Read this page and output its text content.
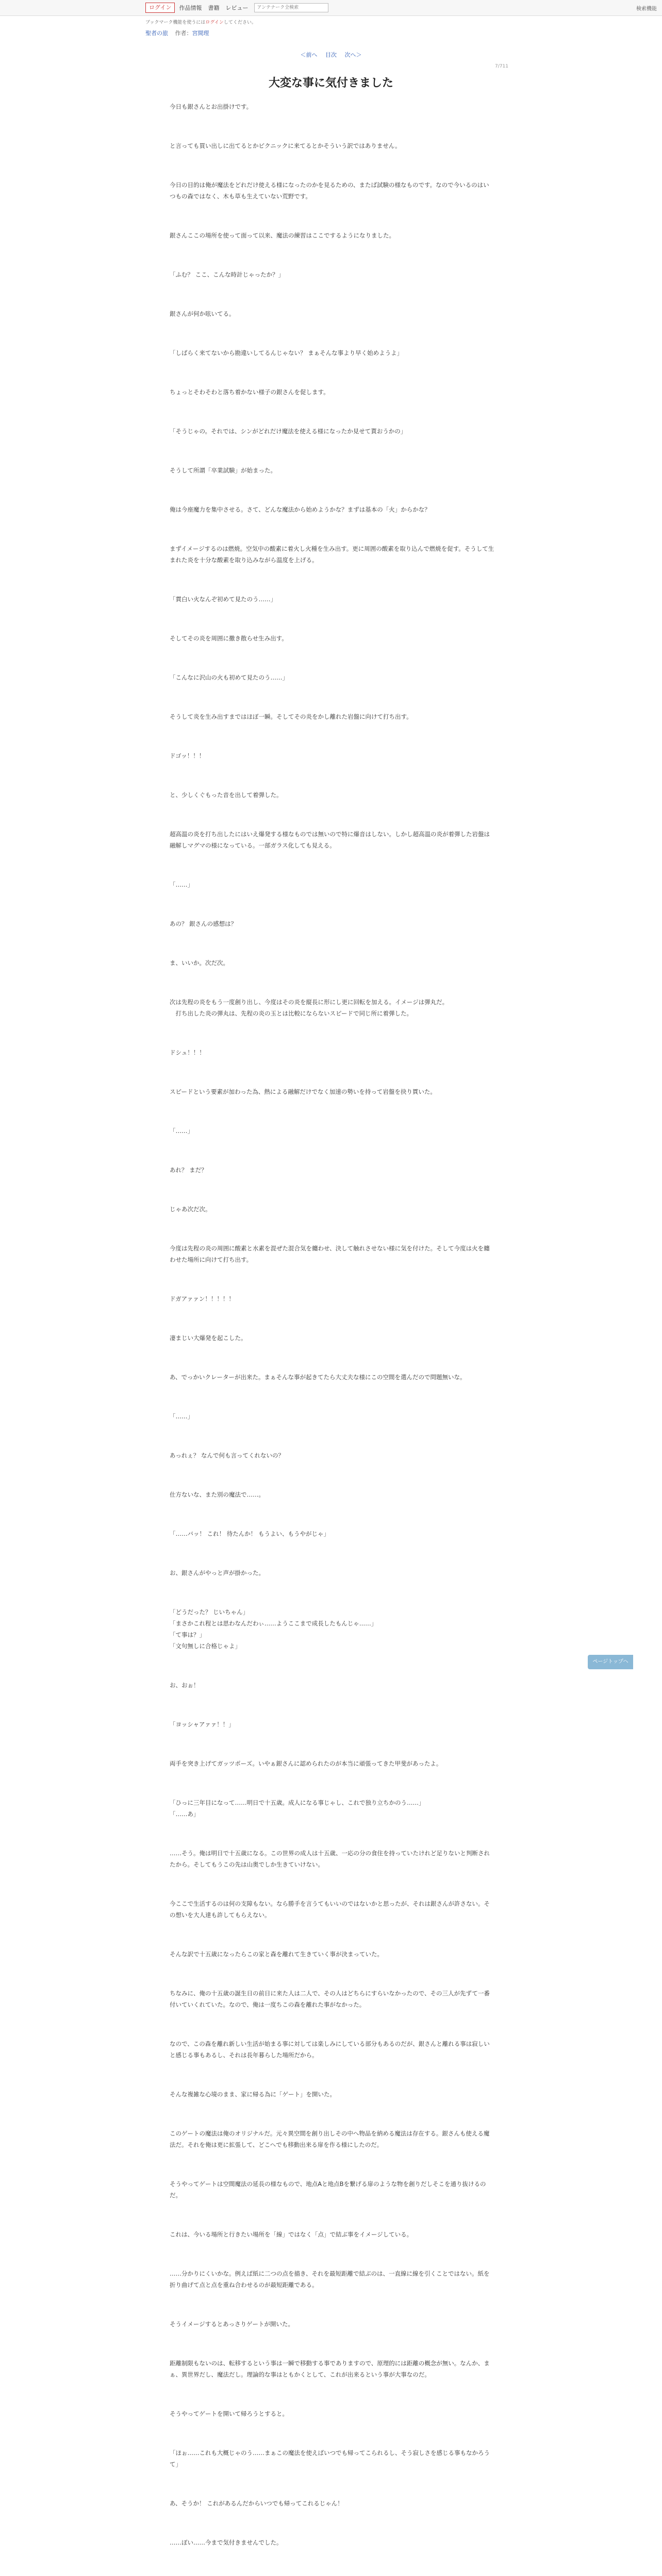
ログイン	作品情報 書籍 レビュー
アンテナーク全検索	検索機能
ブックマーク機能を使うにはログインしてください。
聖者の旅 作者：宮間理
＜前へ 目次 次へ＞
7/711
大変な事に気付きました

今日も銀さんとお出掛けです。

と言っても買い出しに出てるとかピクニックに来てるとかそういう訳ではありません。

今日の目的は俺が魔法をどれだけ使える様になったのかを見るための、またば試験の様なものです。なので今いるのはいつもの森ではなく、木も草も生えていない荒野です。

銀さんここの場所を使って面って以来、魔法の練習はここでするようになりました。

「ふむ？ ここ、こんな時計じゃったか？」

銀さんが何か呟いてる。

「しばらく来てないから勘違いしてるんじゃない？ まぁそんな事より早く始めようよ」

ちょっとそわそわと落ち着かない様子の銀さんを促します。

「そうじゃの。それでは、シンがどれだけ魔法を使える様になったか見せて貰おうかの」

そうして所謂「卒業試験」が始まった。

俺は今座魔力を集中させる。さて、どんな魔法から始めようかな？まずは基本の「火」からかな？

まずイメージするのは燃焼。空気中の酸素に着火し火種を生み出す。更に周囲の酸素を取り込んで燃焼を促す。そうして生まれた炎を十分な酸素を取り込みながら温度を上げる。

「貫白い火なんぞ初めて見たのう……」

そしてその炎を周囲に撒き散らせ生み出す。

「こんなに沢山の火も初めて見たのう……」

そうして炎を生み出すまではほぼ一瞬。そしてその炎をかし離れた岩盤に向けて打ち出す。

ドゴッ！！！

と、少しくぐもった音を出して着弾した。

超高温の炎を打ち出したにはいえ爆発する様なものでは無いので特に爆音はしない。しかし超高温の炎が着弾した岩盤は融解しマグマの様になっている。一部ガラス化しても見える。

「……」

あの？ 銀さんの感想は？

ま、いいか。次だ次。

次は先程の炎をもう一度創り出し、今度はその炎を縦長に形にし更に回転を加える。イメージは弾丸だ。
　打ち出した炎の弾丸は、先程の炎の玉とは比較にならないスピードで同じ所に着弾した。

ドシュ！！！

スピードという要素が加わった為、熱による融解だけでなく加速の勢いを持って岩盤を抉り貫いた。

「……」

あれ？ まだ？

じゃあ次だ次。

今度は先程の炎の周囲に酸素と水素を混ぜた混合気を纏わせ、決して触れさせない様に気を付けた。そして今度は火を纏わせた場所に向けて打ち出す。

ドガアァァン！！！！！

凄まじい大爆発を起こした。

あ、でっかいクレーターが出来た。まぁそんな事が起きてたら大丈夫な様にこの空間を選んだので問題無いな。

「……」

あっれぇ？ なんで何も言ってくれないの？

仕方ないな、また別の魔法で……。

「……バッ！ これ！ 待たんか！ もうよい、もうやがじゃ」

お、銀さんがやっと声が掛かった。

「どうだった？ じいちゃん」
「まさかこれ程とは思わなんだわぃ……ようここまで成長したもんじゃ……」
「て事は？」
「文句無しに合格じゃよ」

お、おぉ！

「ヨッシャアァァ！！」

両手を突き上げてガッツポーズ。いやぁ銀さんに認められたのが本当に頑張ってきた甲斐があったよ。

「ひっに三年目になって……明日で十五歳。成人になる事じゃし、これで独り立ちかのう……」
「……あ」

……そう。俺は明日で十五歳になる。この世界の成人は十五歳、一応の分の食住を持っていたけれど足りないと判断されたから。そしてもうこの先は山奥でしか生きていけない。

今ここで生活するのは何の支障もない。なら勝手を言うてもいいのではないかと思ったが、それは銀さんが許さない。その想いを大人達も許してもらえない。

そんな訳で十五歳になったらこの家と森を離れて生きていく事が決まっていた。

ちなみに、俺の十五歳の誕生日の前日に来た人は二人で、その人はどちらにすらいなかったので、その三人が先ずて一番付いていくれていた。なので、俺は一度ちこの森を離れた事がなかった。

なので、この森を離れ新しい生活が始まる事に対しては楽しみにしている部分もあるのだが、銀さんと離れる事は寂しいと感じる事もあるし、それは長年暮らした場所だから。

そんな複雑な心境のまま、家に帰る為に「ゲート」を開いた。

このゲートの魔法は俺のオリジナルだ。元々異空間を創り出しその中へ物品を納める魔法は存在する。銀さんも使える魔法だ。それを俺は更に拡張して、どこへでも移動出来る扉を作る様にしたのだ。

そうやってゲートは空間魔法の延長の様なもので、地点Aと地点Bを繋げる扉のような物を創りだしそこを通り抜けるのだ。

これは、今いる場所と行きたい場所を「線」ではなく「点」で結ぶ事をイメージしている。

……分かりにくいかな。例えば紙に二つの点を描き、それを最短距離で結ぶのは、一直線に線を引くことではない。紙を折り曲げて点と点を重ね合わせるのが最短距離である。

そうイメージするとあっさりゲートが開いた。

距離制限もないのは、転移するという事は一瞬で移動する事でありますので、原理的には距離の概念が無い。なんか、まぁ、異世界だし、魔法だし。理論的な事はともかくとして、これが出来るという事が大事なのだ。

そうやってゲートを開いて帰ろうとすると。

「ほぉ……これも大概じゃのう……まぁこの魔法を使えばいつでも帰ってこられるし、そう寂しさを感じる事もなかろうて」

あ、そうか！ これがあるんだからいつでも帰ってこれるじゃん！

……ぼい……今まで気付きませんでした。

ページトップへ
